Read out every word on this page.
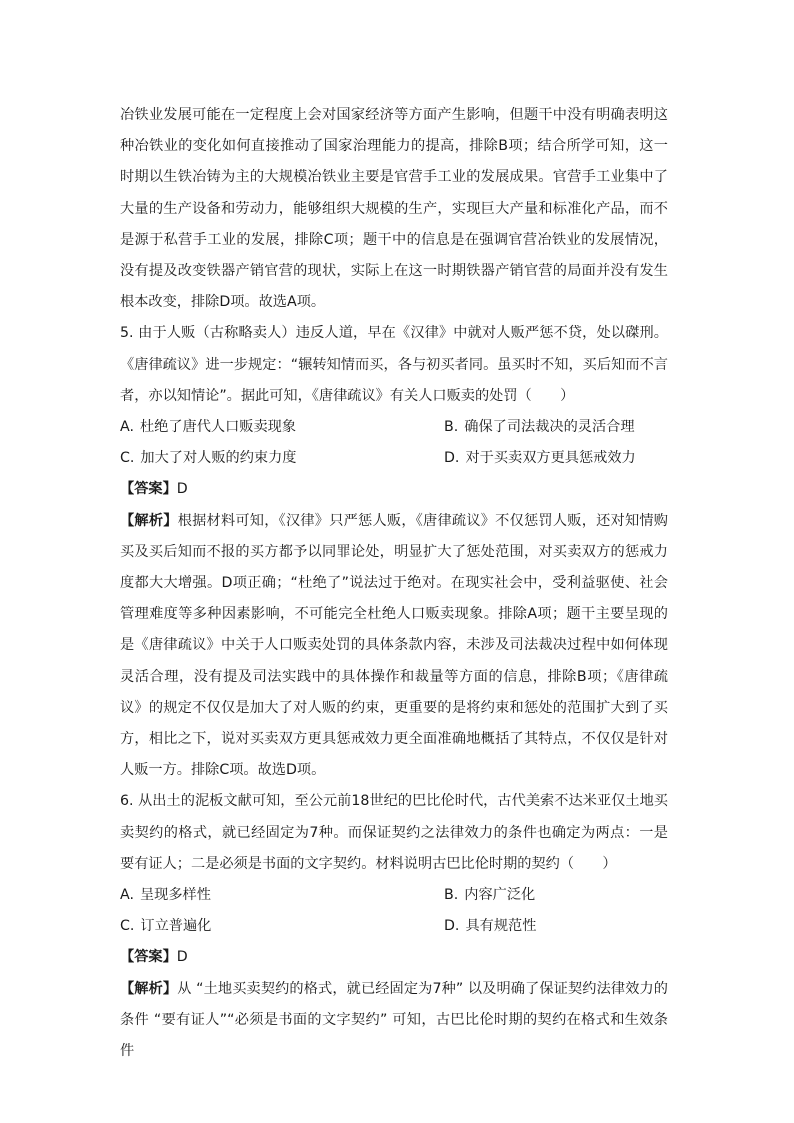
冶铁业发展可能在一定程度上会对国家经济等方面产生影响，但题干中没有明确表明这种冶铁业的变化如何直接推动了国家治理能力的提高，排除B项；结合所学可知，这一时期以生铁冶铸为主的大规模冶铁业主要是官营手工业的发展成果。官营手工业集中了大量的生产设备和劳动力，能够组织大规模的生产，实现巨大产量和标准化产品，而不是源于私营手工业的发展，排除C项；题干中的信息是在强调官营冶铁业的发展情况，没有提及改变铁器产销官营的现状，实际上在这一时期铁器产销官营的局面并没有发生根本改变，排除D项。故选A项。

5. 由于人贩（古称略卖人）违反人道，早在《汉律》中就对人贩严惩不贷，处以磔刑。《唐律疏议》进一步规定：“辗转知情而买，各与初买者同。虽买时不知，买后知而不言者，亦以知情论”。据此可知，《唐律疏议》有关人口贩卖的处罚（　　）

A. 杜绝了唐代人口贩卖现象	B. 确保了司法裁决的灵活合理
C. 加大了对人贩的约束力度	D. 对于买卖双方更具惩戒效力

【答案】D

【解析】根据材料可知，《汉律》只严惩人贩，《唐律疏议》不仅惩罚人贩，还对知情购买及买后知而不报的买方都予以同罪论处，明显扩大了惩处范围，对买卖双方的惩戒力度都大大增强。D项正确；“杜绝了”说法过于绝对。在现实社会中，受利益驱使、社会管理难度等多种因素影响，不可能完全杜绝人口贩卖现象。排除A项；题干主要呈现的是《唐律疏议》中关于人口贩卖处罚的具体条款内容，未涉及司法裁决过程中如何体现灵活合理，没有提及司法实践中的具体操作和裁量等方面的信息，排除B项；《唐律疏议》的规定不仅仅是加大了对人贩的约束，更重要的是将约束和惩处的范围扩大到了买方，相比之下，说对买卖双方更具惩戒效力更全面准确地概括了其特点，不仅仅是针对人贩一方。排除C项。故选D项。

6. 从出土的泥板文献可知，至公元前18世纪的巴比伦时代，古代美索不达米亚仅土地买卖契约的格式，就已经固定为7种。而保证契约之法律效力的条件也确定为两点：一是要有证人；二是必须是书面的文字契约。材料说明古巴比伦时期的契约（　　）

A. 呈现多样性	B. 内容广泛化
C. 订立普遍化	D. 具有规范性

【答案】D

【解析】从 “土地买卖契约的格式，就已经固定为7种” 以及明确了保证契约法律效力的条件 “要有证人”“必须是书面的文字契约” 可知，古巴比伦时期的契约在格式和生效条件
